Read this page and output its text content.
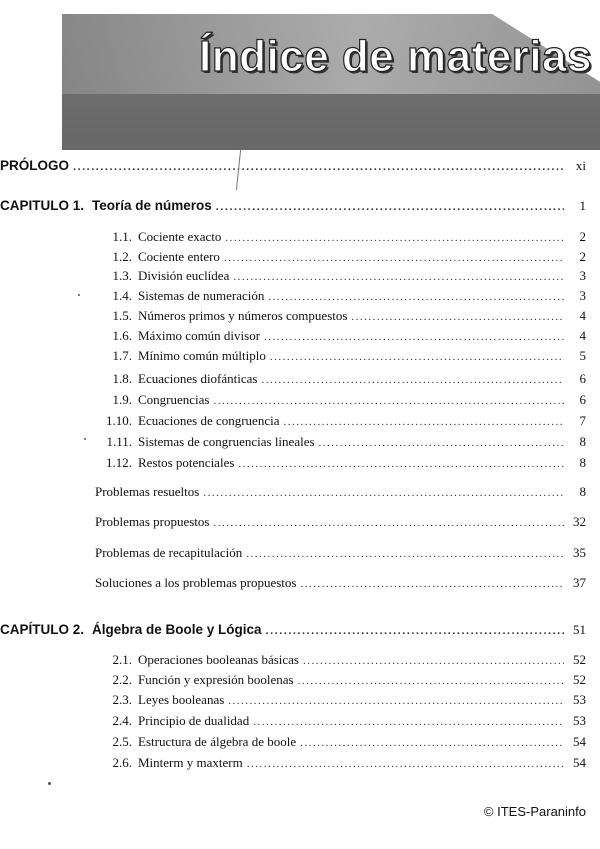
Índice de materias
PRÓLOGO .....	xi
CAPITULO 1. Teoría de números .....	1
1.1. Cociente exacto .....	2
1.2. Cociente entero .....	2
1.3. División euclídea .....	3
1.4. Sistemas de numeración .....	3
1.5. Números primos y números compuestos .....	4
1.6. Máximo común divisor .....	4
1.7. Mínimo común múltiplo .....	5
1.8. Ecuaciones diofánticas .....	6
1.9. Congruencias .....	6
1.10. Ecuaciones de congruencia .....	7
1.11. Sistemas de congruencias lineales .....	8
1.12. Restos potenciales .....	8
Problemas resueltos .....	8
Problemas propuestos .....	32
Problemas de recapitulación .....	35
Soluciones a los problemas propuestos .....	37
CAPÍTULO 2. Álgebra de Boole y Lógica .....	51
2.1. Operaciones booleanas básicas .....	52
2.2. Función y expresión boolenas .....	52
2.3. Leyes booleanas .....	53
2.4. Principio de dualidad .....	53
2.5. Estructura de álgebra de boole .....	54
2.6. Minterm y maxterm .....	54
© ITES-Paraninfo
